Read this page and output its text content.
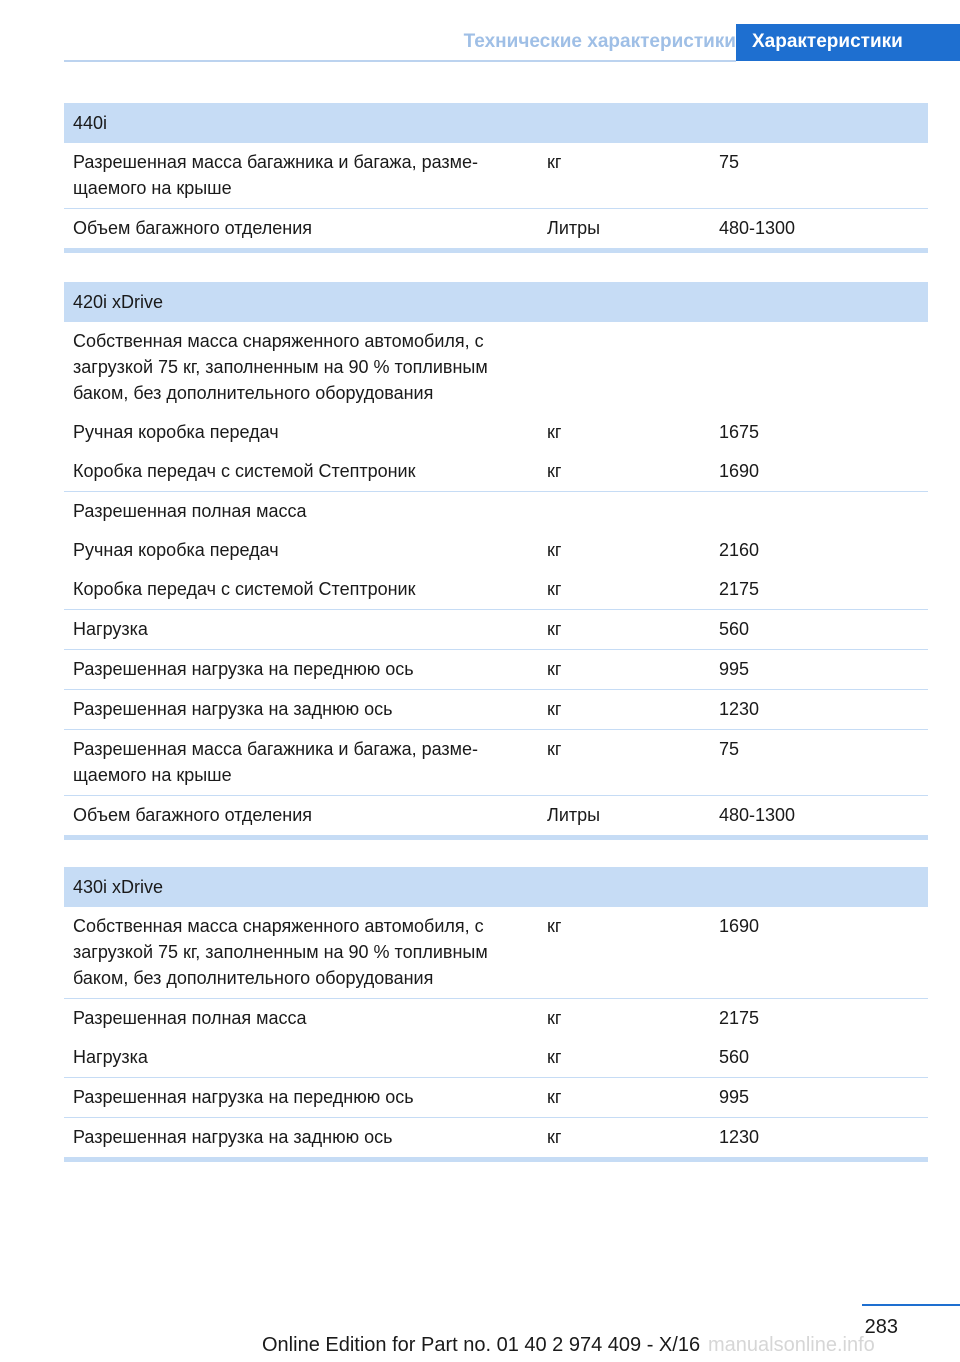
Технические характеристики Характеристики
440i
Разрешенная масса багажника и багажа, разме-
щаемого на крыше
кг	75
Объем багажного отделения	Литры	480-1300
420i xDrive
Собственная масса снаряженного автомобиля, с
загрузкой 75 кг, заполненным на 90 % топливным
баком, без дополнительного оборудования
Ручная коробка передач	кг	1675
Коробка передач с системой Стептроник	кг	1690
Разрешенная полная масса
Ручная коробка передач	кг	2160
Коробка передач с системой Стептроник	кг	2175
Нагрузка	кг	560
Разрешенная нагрузка на переднюю ось	кг	995
Разрешенная нагрузка на заднюю ось	кг	1230
Разрешенная масса багажника и багажа, разме-
щаемого на крыше
кг	75
Объем багажного отделения	Литры	480-1300
430i xDrive
Собственная масса снаряженного автомобиля, с
загрузкой 75 кг, заполненным на 90 % топливным
баком, без дополнительного оборудования
кг	1690
Разрешенная полная масса	кг	2175
Нагрузка	кг	560
Разрешенная нагрузка на переднюю ось	кг	995
Разрешенная нагрузка на заднюю ось	кг	1230
283
Online Edition for Part no. 01 40 2 974 409 - X/16 manualsonline.info
